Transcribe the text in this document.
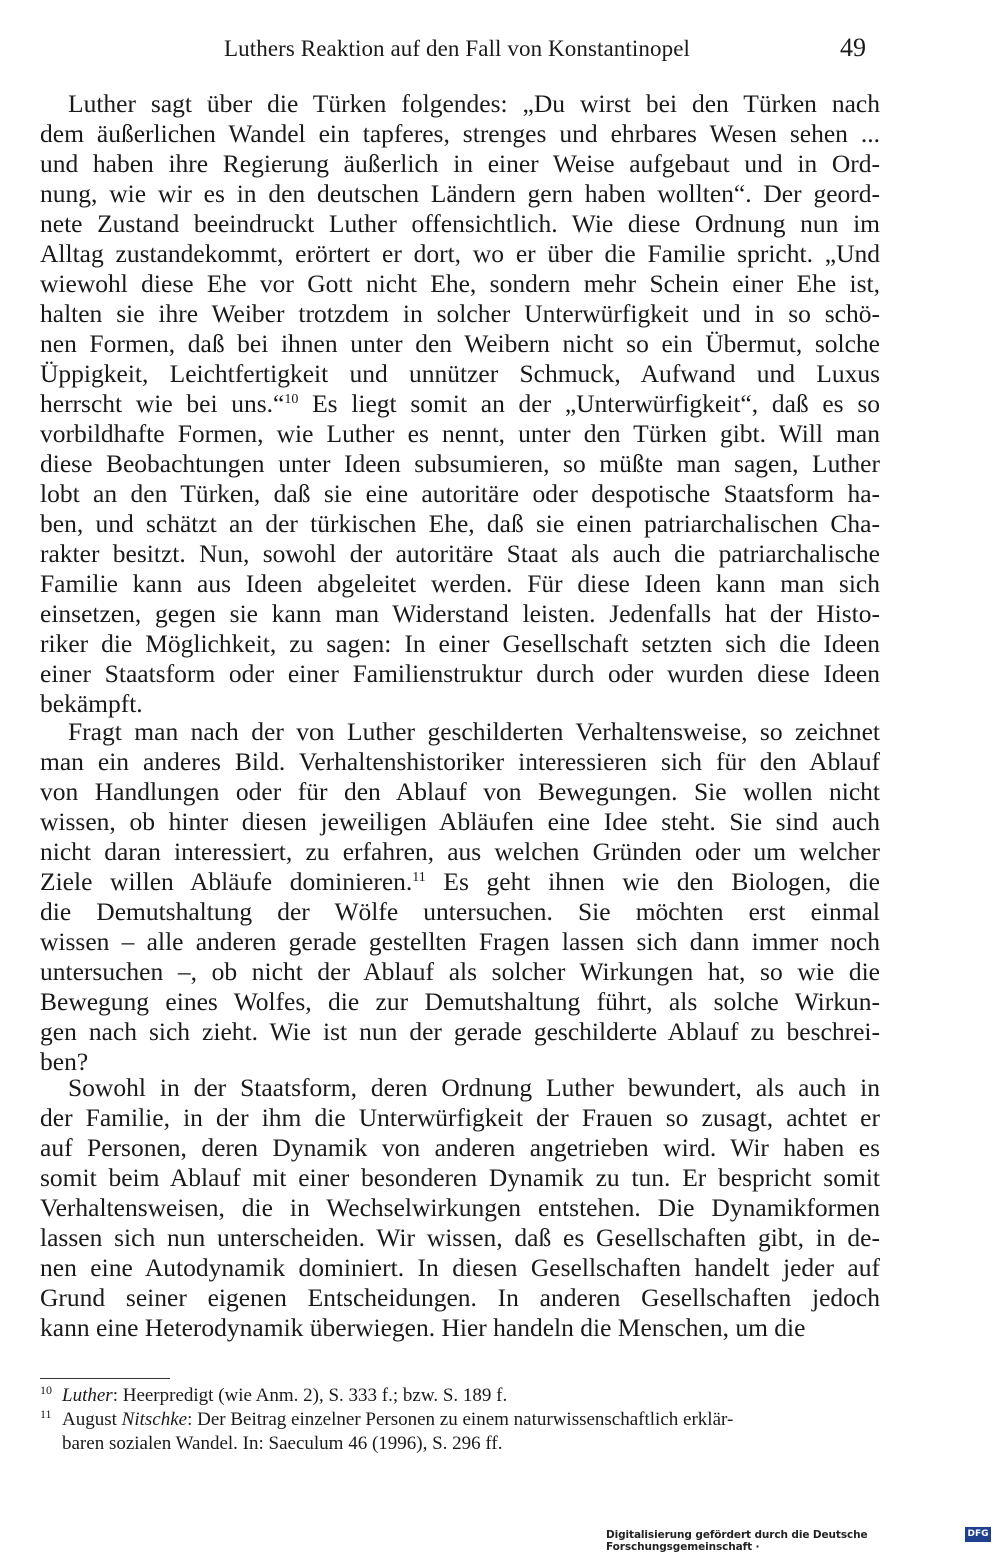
Luthers Reaktion auf den Fall von Konstantinopel	49
Luther sagt über die Türken folgendes: „Du wirst bei den Türken nach
dem äußerlichen Wandel ein tapferes, strenges und ehrbares Wesen sehen ...
und haben ihre Regierung äußerlich in einer Weise aufgebaut und in Ord-
nung, wie wir es in den deutschen Ländern gern haben wollten“. Der geord-
nete Zustand beeindruckt Luther offensichtlich. Wie diese Ordnung nun im
Alltag zustandekommt, erörtert er dort, wo er über die Familie spricht. „Und
wiewohl diese Ehe vor Gott nicht Ehe, sondern mehr Schein einer Ehe ist,
halten sie ihre Weiber trotzdem in solcher Unterwürfigkeit und in so schö-
nen Formen, daß bei ihnen unter den Weibern nicht so ein Übermut, solche
Üppigkeit, Leichtfertigkeit und unnützer Schmuck, Aufwand und Luxus
herrscht wie bei uns.“$^{10}$ Es liegt somit an der „Unterwürfigkeit“, daß es so
vorbildhafte Formen, wie Luther es nennt, unter den Türken gibt. Will man
diese Beobachtungen unter Ideen subsumieren, so müßte man sagen, Luther
lobt an den Türken, daß sie eine autoritäre oder despotische Staatsform ha-
ben, und schätzt an der türkischen Ehe, daß sie einen patriarchalischen Cha-
rakter besitzt. Nun, sowohl der autoritäre Staat als auch die patriarchalische
Familie kann aus Ideen abgeleitet werden. Für diese Ideen kann man sich
einsetzen, gegen sie kann man Widerstand leisten. Jedenfalls hat der Histo-
riker die Möglichkeit, zu sagen: In einer Gesellschaft setzten sich die Ideen
einer Staatsform oder einer Familienstruktur durch oder wurden diese Ideen
bekämpft.
Fragt man nach der von Luther geschilderten Verhaltensweise, so zeichnet
man ein anderes Bild. Verhaltenshistoriker interessieren sich für den Ablauf
von Handlungen oder für den Ablauf von Bewegungen. Sie wollen nicht
wissen, ob hinter diesen jeweiligen Abläufen eine Idee steht. Sie sind auch
nicht daran interessiert, zu erfahren, aus welchen Gründen oder um welcher
Ziele willen Abläufe dominieren.$^{11}$ Es geht ihnen wie den Biologen, die
die Demutshaltung der Wölfe untersuchen. Sie möchten erst einmal
wissen – alle anderen gerade gestellten Fragen lassen sich dann immer noch
untersuchen –, ob nicht der Ablauf als solcher Wirkungen hat, so wie die
Bewegung eines Wolfes, die zur Demutshaltung führt, als solche Wirkun-
gen nach sich zieht. Wie ist nun der gerade geschilderte Ablauf zu beschrei-
ben?
Sowohl in der Staatsform, deren Ordnung Luther bewundert, als auch in
der Familie, in der ihm die Unterwürfigkeit der Frauen so zusagt, achtet er
auf Personen, deren Dynamik von anderen angetrieben wird. Wir haben es
somit beim Ablauf mit einer besonderen Dynamik zu tun. Er bespricht somit
Verhaltensweisen, die in Wechselwirkungen entstehen. Die Dynamikformen
lassen sich nun unterscheiden. Wir wissen, daß es Gesellschaften gibt, in de-
nen eine Autodynamik dominiert. In diesen Gesellschaften handelt jeder auf
Grund seiner eigenen Entscheidungen. In anderen Gesellschaften jedoch
kann eine Heterodynamik überwiegen. Hier handeln die Menschen, um die
10 Luther: Heerpredigt (wie Anm. 2), S. 333 f.; bzw. S. 189 f.
11 August Nitschke: Der Beitrag einzelner Personen zu einem naturwissenschaftlich erklär-
baren sozialen Wandel. In: Saeculum 46 (1996), S. 296 ff.
Digitalisierung gefördert durch die Deutsche Forschungsgemeinschaft ·
DFG
